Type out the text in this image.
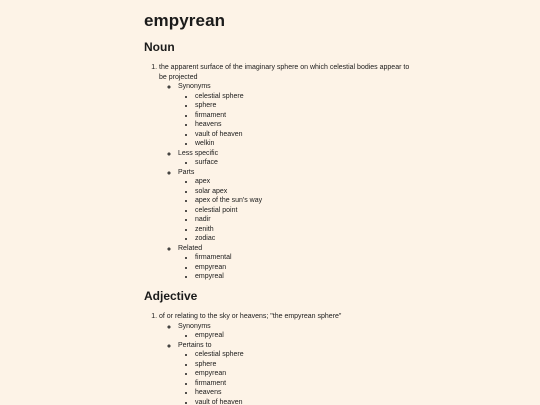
empyrean
Noun
1. the apparent surface of the imaginary sphere on which celestial bodies appear to be projected
◦ Synonyms
• celestial sphere
• sphere
• firmament
• heavens
• vault of heaven
• welkin
◦ Less specific
• surface
◦ Parts
• apex
• solar apex
• apex of the sun's way
• celestial point
• nadir
• zenith
• zodiac
◦ Related
• firmamental
• empyrean
• empyreal
Adjective
1. of or relating to the sky or heavens; "the empyrean sphere"
◦ Synonyms
• empyreal
◦ Pertains to
• celestial sphere
• sphere
• empyrean
• firmament
• heavens
• vault of heaven
